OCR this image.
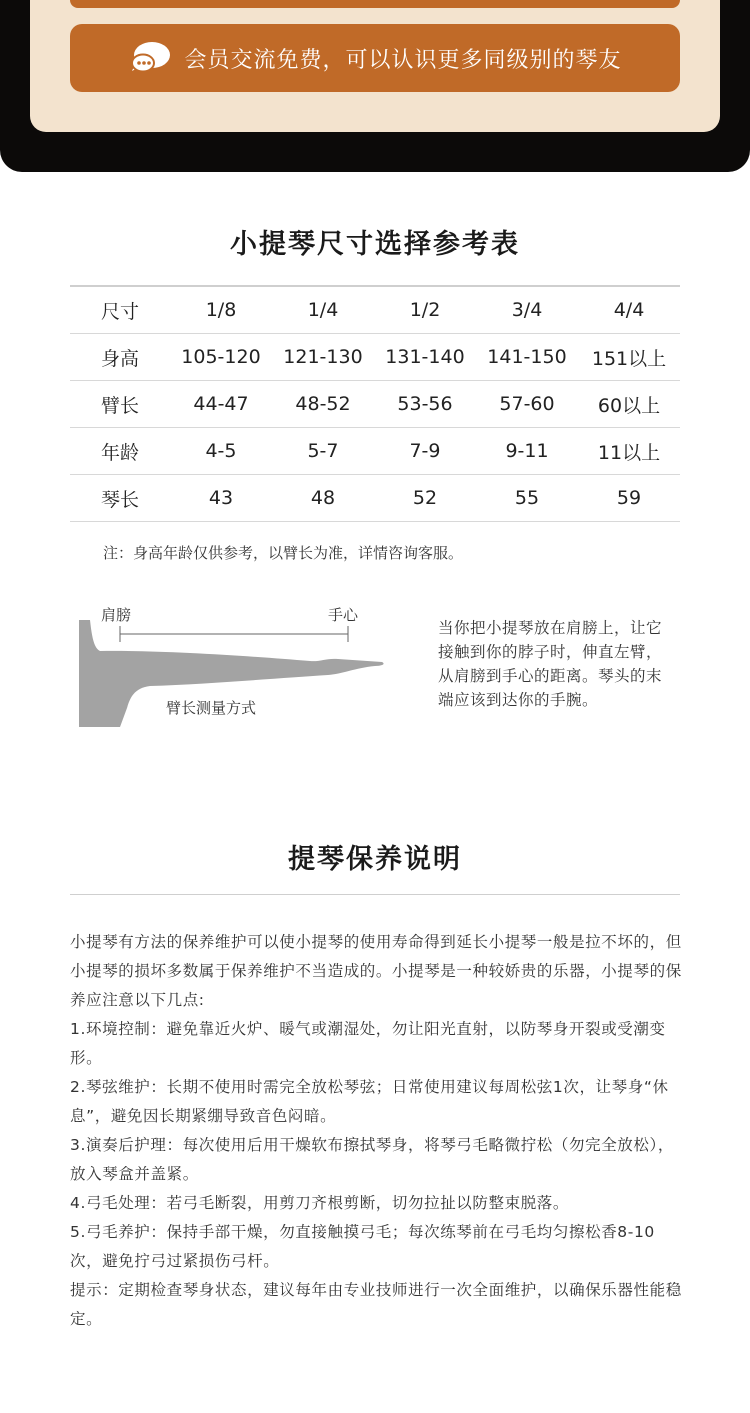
会员交流免费，可以认识更多同级别的琴友
小提琴尺寸选择参考表
尺寸	1/8	1/4	1/2	3/4	4/4
身高	105-120	121-130	131-140	141-150	151以上
臂长	44-47	48-52	53-56	57-60	60以上
年龄	4-5	5-7	7-9	9-11	11以上
琴长	43	48	52	55	59
注：身高年龄仅供参考，以臂长为准，详情咨询客服。
肩膀	手心
臂长测量方式
当你把小提琴放在肩膀上，让它接触到你的脖子时，伸直左臂，从肩膀到手心的距离。琴头的末端应该到达你的手腕。
提琴保养说明

小提琴有方法的保养维护可以使小提琴的使用寿命得到延长小提琴一般是拉不坏的，但小提琴的损坏多数属于保养维护不当造成的。小提琴是一种较娇贵的乐器，小提琴的保养应注意以下几点:

1.环境控制：避免靠近火炉、暖气或潮湿处，勿让阳光直射，以防琴身开裂或受潮变形。

2.琴弦维护：长期不使用时需完全放松琴弦；日常使用建议每周松弦1次，让琴身“休息”，避免因长期紧绷导致音色闷暗。

3.演奏后护理：每次使用后用干燥软布擦拭琴身，将琴弓毛略微拧松（勿完全放松），放入琴盒并盖紧。

4.弓毛处理：若弓毛断裂，用剪刀齐根剪断，切勿拉扯以防整束脱落。

5.弓毛养护：保持手部干燥，勿直接触摸弓毛；每次练琴前在弓毛均匀擦松香8-10次，避免拧弓过紧损伤弓杆。

提示：定期检查琴身状态，建议每年由专业技师进行一次全面维护，以确保乐器性能稳定。
